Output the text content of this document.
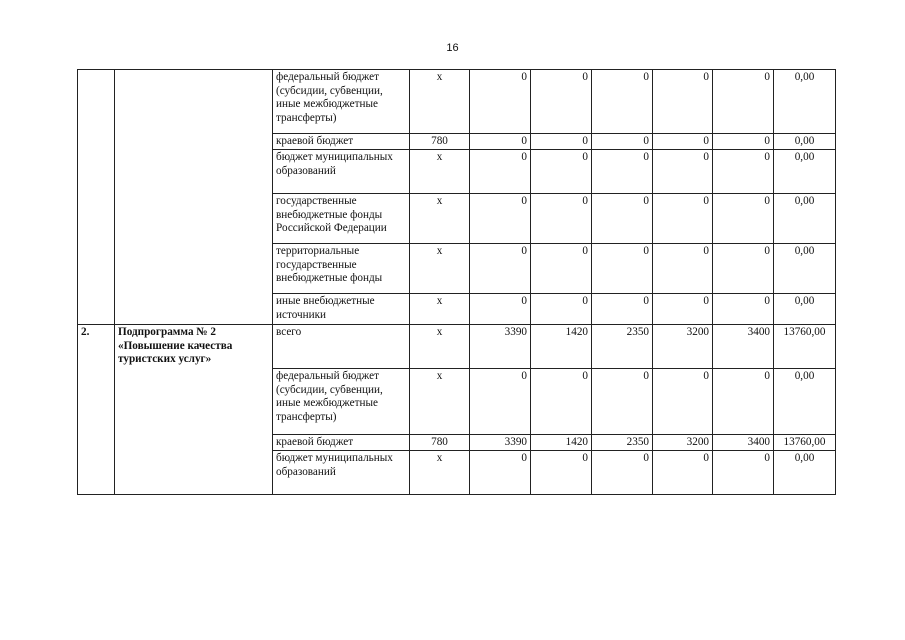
16
		федеральный бюджет (субсидии, субвенции, иные межбюджетные трансферты)	x	0	0	0	0	0	0,00
		краевой бюджет	780	0	0	0	0	0	0,00
		бюджет муниципальных образований	x	0	0	0	0	0	0,00
		государственные внебюджетные фонды Российской Федерации	x	0	0	0	0	0	0,00
		территориальные государственные внебюджетные фонды	x	0	0	0	0	0	0,00
		иные внебюджетные источники	x	0	0	0	0	0	0,00
2.	Подпрограмма № 2 «Повышение качества туристских услуг»	всего	x	3390	1420	2350	3200	3400	13760,00
		федеральный бюджет (субсидии, субвенции, иные межбюджетные трансферты)	x	0	0	0	0	0	0,00
		краевой бюджет	780	3390	1420	2350	3200	3400	13760,00
		бюджет муниципальных образований	x	0	0	0	0	0	0,00
